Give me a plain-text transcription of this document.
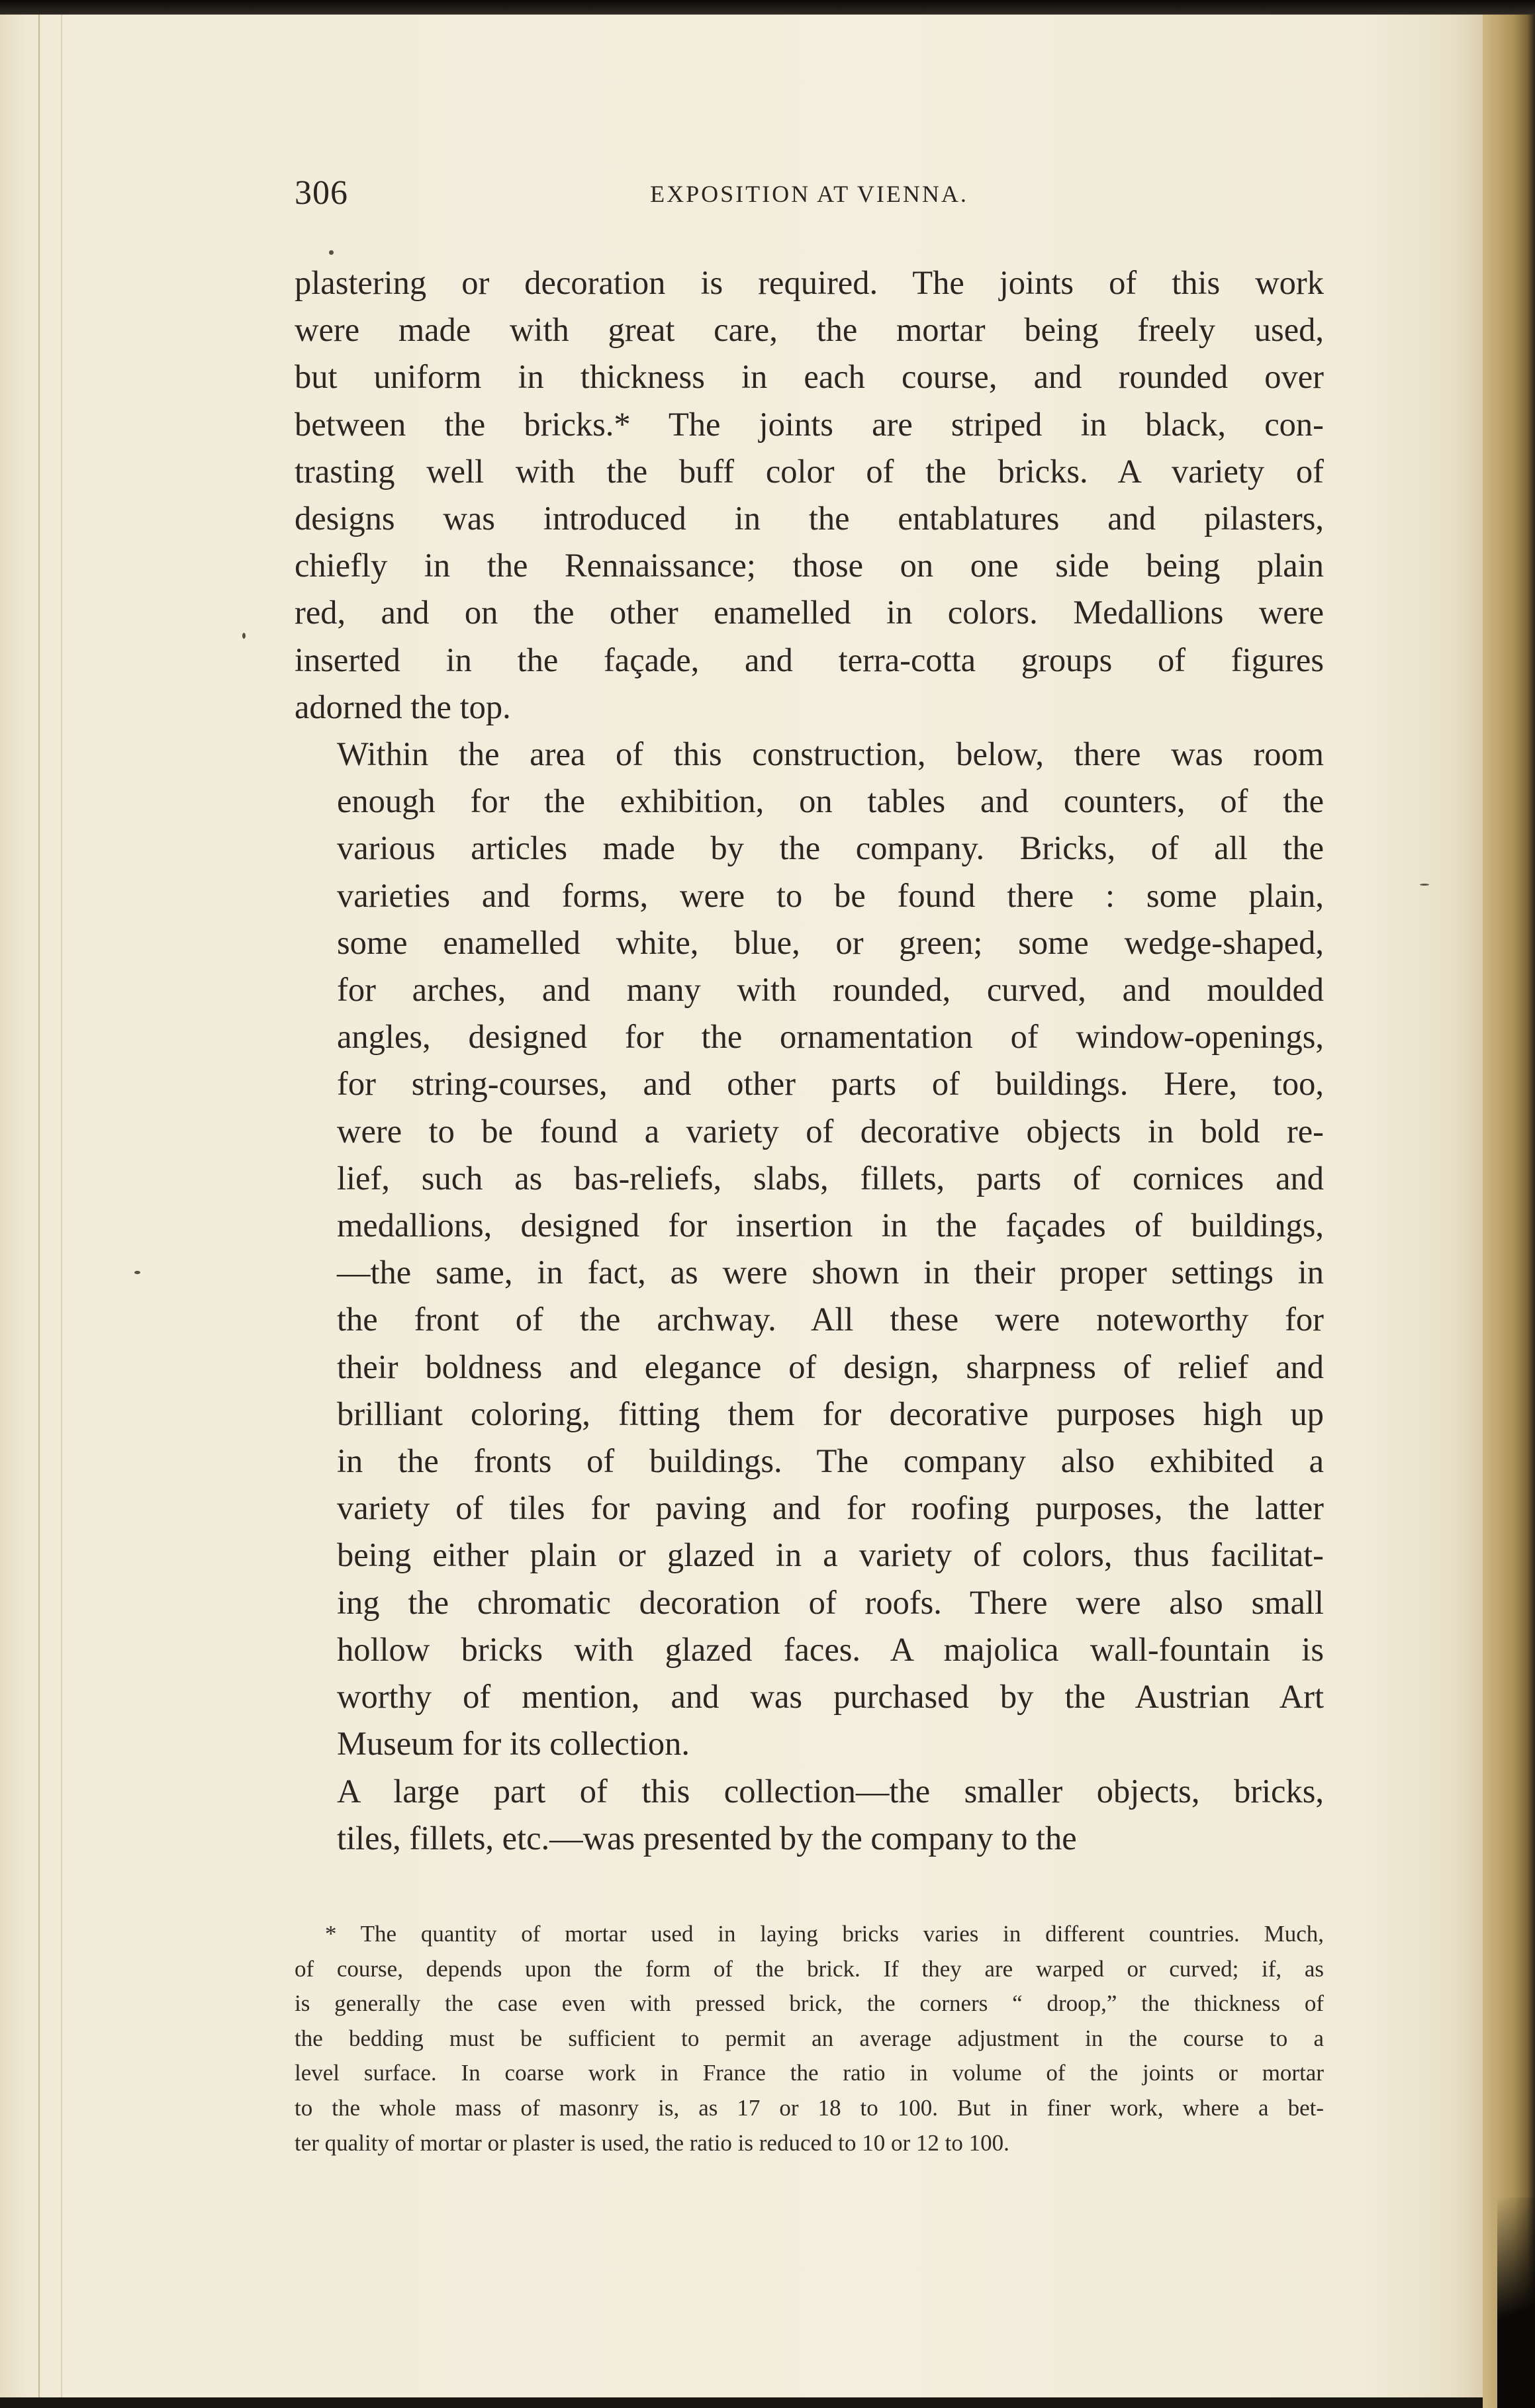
306	EXPOSITION AT VIENNA.

plastering or decoration is required. The joints of this work
were made with great care, the mortar being freely used,
but uniform in thickness in each course, and rounded over
between the bricks.* The joints are striped in black, con-
trasting well with the buff color of the bricks. A variety of
designs was introduced in the entablatures and pilasters,
chiefly in the Rennaissance; those on one side being plain
red, and on the other enamelled in colors. Medallions were
inserted in the façade, and terra-cotta groups of figures
adorned the top.

Within the area of this construction, below, there was room
enough for the exhibition, on tables and counters, of the
various articles made by the company. Bricks, of all the
varieties and forms, were to be found there : some plain,
some enamelled white, blue, or green; some wedge-shaped,
for arches, and many with rounded, curved, and moulded
angles, designed for the ornamentation of window-openings,
for string-courses, and other parts of buildings. Here, too,
were to be found a variety of decorative objects in bold re-
lief, such as bas-reliefs, slabs, fillets, parts of cornices and
medallions, designed for insertion in the façades of buildings,
—the same, in fact, as were shown in their proper settings in
the front of the archway. All these were noteworthy for
their boldness and elegance of design, sharpness of relief and
brilliant coloring, fitting them for decorative purposes high up
in the fronts of buildings. The company also exhibited a
variety of tiles for paving and for roofing purposes, the latter
being either plain or glazed in a variety of colors, thus facilitat-
ing the chromatic decoration of roofs. There were also small
hollow bricks with glazed faces. A majolica wall-fountain is
worthy of mention, and was purchased by the Austrian Art
Museum for its collection.

A large part of this collection—the smaller objects, bricks,
tiles, fillets, etc.—was presented by the company to the

* The quantity of mortar used in laying bricks varies in different countries. Much,
of course, depends upon the form of the brick. If they are warped or curved; if, as
is generally the case even with pressed brick, the corners “ droop,” the thickness of
the bedding must be sufficient to permit an average adjustment in the course to a
level surface. In coarse work in France the ratio in volume of the joints or mortar
to the whole mass of masonry is, as 17 or 18 to 100. But in finer work, where a bet-
ter quality of mortar or plaster is used, the ratio is reduced to 10 or 12 to 100.
